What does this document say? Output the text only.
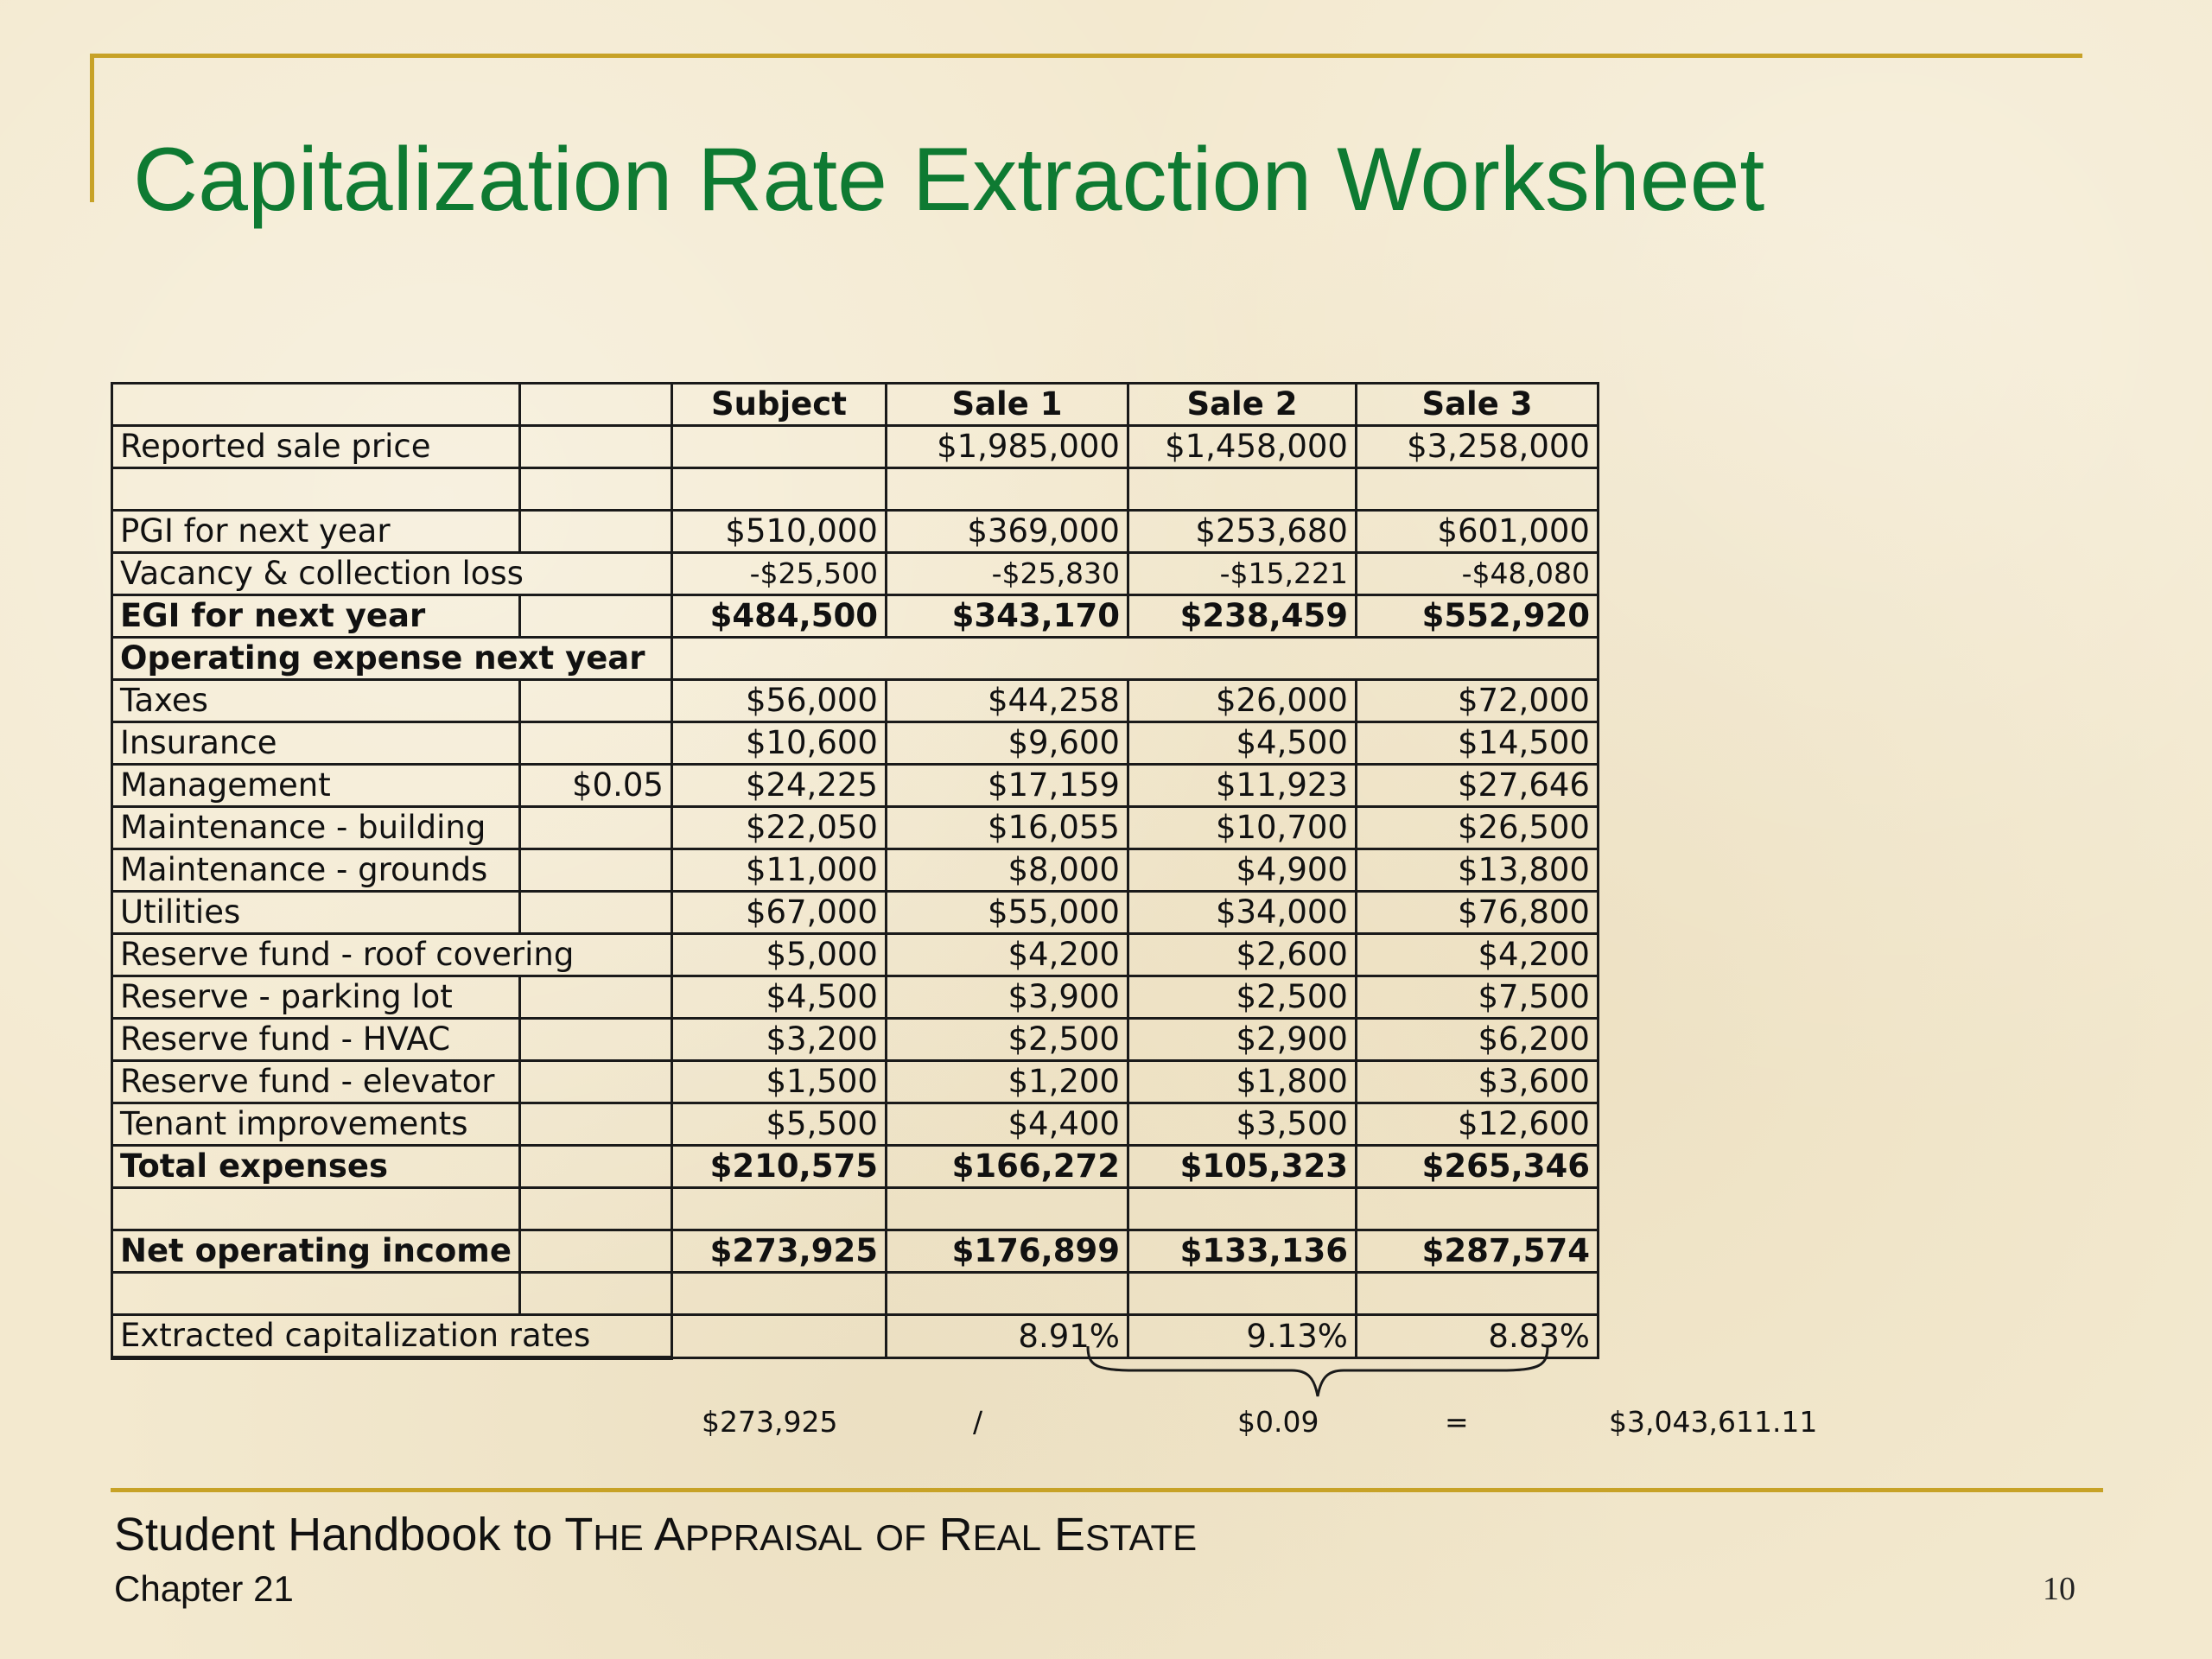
Capitalization Rate Extraction Worksheet
		Subject	Sale 1	Sale 2	Sale 3
Reported sale price			$1,985,000	$1,458,000	$3,258,000

PGI for next year		$510,000	$369,000	$253,680	$601,000
Vacancy & collection loss		-$25,500	-$25,830	-$15,221	-$48,080
EGI for next year		$484,500	$343,170	$238,459	$552,920
Operating expense next year					
Taxes		$56,000	$44,258	$26,000	$72,000
Insurance		$10,600	$9,600	$4,500	$14,500
Management	$0.05	$24,225	$17,159	$11,923	$27,646
Maintenance - building		$22,050	$16,055	$10,700	$26,500
Maintenance - grounds		$11,000	$8,000	$4,900	$13,800
Utilities		$67,000	$55,000	$34,000	$76,800
Reserve fund - roof covering		$5,000	$4,200	$2,600	$4,200
Reserve - parking lot		$4,500	$3,900	$2,500	$7,500
Reserve fund - HVAC		$3,200	$2,500	$2,900	$6,200
Reserve fund - elevator		$1,500	$1,200	$1,800	$3,600
Tenant improvements		$5,500	$4,400	$3,500	$12,600
Total expenses		$210,575	$166,272	$105,323	$265,346

Net operating income		$273,925	$176,899	$133,136	$287,574

Extracted capitalization rates			8.91%	9.13%	8.83%
$273,925	/	$0.09	=	$3,043,611.11
Student Handbook to THE APPRAISAL OF REAL ESTATE
Chapter 21	10
